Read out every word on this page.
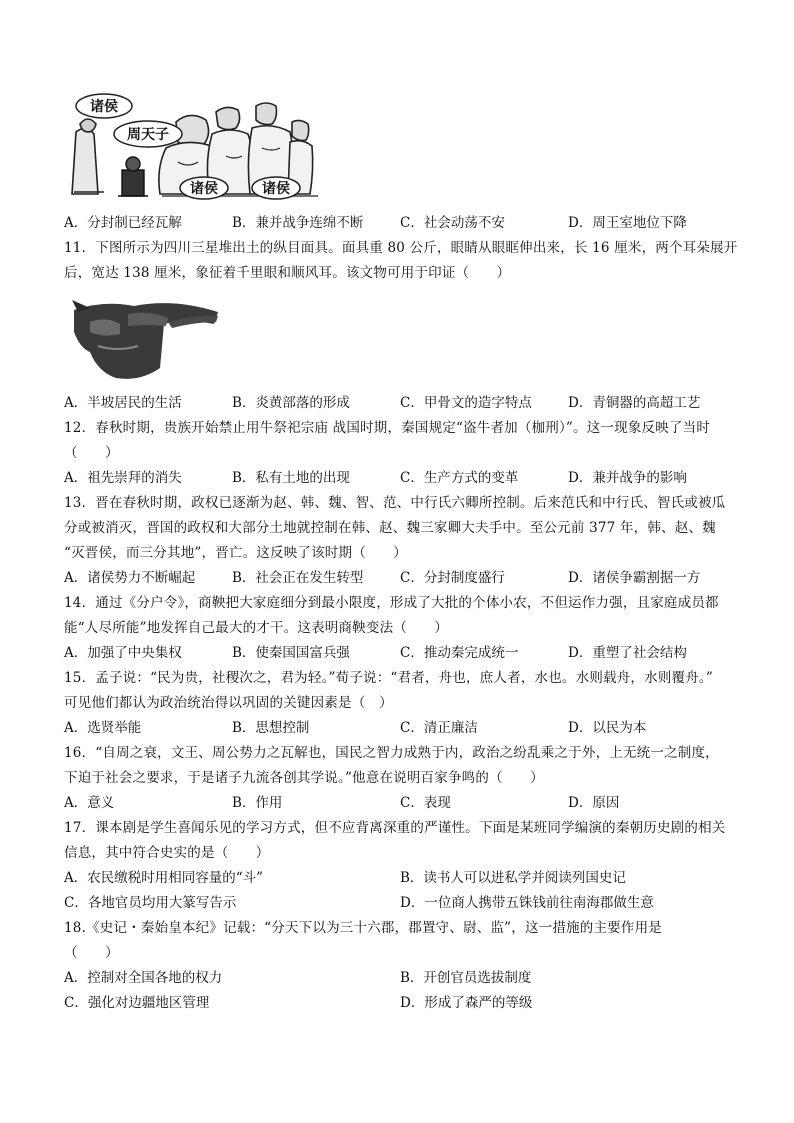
诸侯
周天子
诸侯	诸侯
A．分封制已经瓦解	B．兼并战争连绵不断	C．社会动荡不安	D．周王室地位下降
11．下图所示为四川三星堆出土的纵目面具。面具重 80 公斤，眼睛从眼眶伸出来，长 16 厘米，两个耳朵展开
后，宽达 138 厘米，象征着千里眼和顺风耳。该文物可用于印证（　　）
A．半坡居民的生活	B．炎黄部落的形成	C．甲骨文的造字特点	D．青铜器的高超工艺
12．春秋时期，贵族开始禁止用牛祭祀宗庙 战国时期，秦国规定“盗牛者加（枷刑）”。这一现象反映了当时
（　　）
A．祖先崇拜的消失	B．私有土地的出现	C．生产方式的变革	D．兼并战争的影响
13．晋在春秋时期，政权已逐渐为赵、韩、魏、智、范、中行氏六卿所控制。后来范氏和中行氏、智氏或被瓜
分或被消灭，晋国的政权和大部分土地就控制在韩、赵、魏三家卿大夫手中。至公元前 377 年，韩、赵、魏
“灭晋侯，而三分其地”，晋亡。这反映了该时期（　　）
A．诸侯势力不断崛起	B．社会正在发生转型	C．分封制度盛行	D．诸侯争霸割据一方
14．通过《分户令》，商鞅把大家庭细分到最小限度，形成了大批的个体小农，不但运作力强，且家庭成员都
能“人尽所能”地发挥自己最大的才干。这表明商鞅变法（　　）
A．加强了中央集权	B．使秦国国富兵强	C．推动秦完成统一	D．重塑了社会结构
15．孟子说：“民为贵，社稷次之，君为轻。”荀子说：“君者，舟也，庶人者，水也。水则载舟，水则覆舟。”
可见他们都认为政治统治得以巩固的关键因素是（　）
A．选贤举能	B．思想控制	C．清正廉洁	D．以民为本
16．“自周之衰，文王、周公势力之瓦解也，国民之智力成熟于内，政治之纷乱乘之于外，上无统一之制度，
下迫于社会之要求，于是诸子九流各创其学说。”他意在说明百家争鸣的（　　）
A．意义	B．作用	C．表现	D．原因
17．课本剧是学生喜闻乐见的学习方式，但不应背离深重的严谨性。下面是某班同学编演的秦朝历史剧的相关
信息，其中符合史实的是（　　）
A．农民缴税时用相同容量的“斗”	B．读书人可以进私学并阅读列国史记
C．各地官员均用大篆写告示	D．一位商人携带五铢钱前往南海郡做生意
18.《史记・秦始皇本纪》记载：“分天下以为三十六郡，郡置守、尉、监”，这一措施的主要作用是
（　　）
A．控制对全国各地的权力	B．开创官员选拔制度
C．强化对边疆地区管理	D．形成了森严的等级
